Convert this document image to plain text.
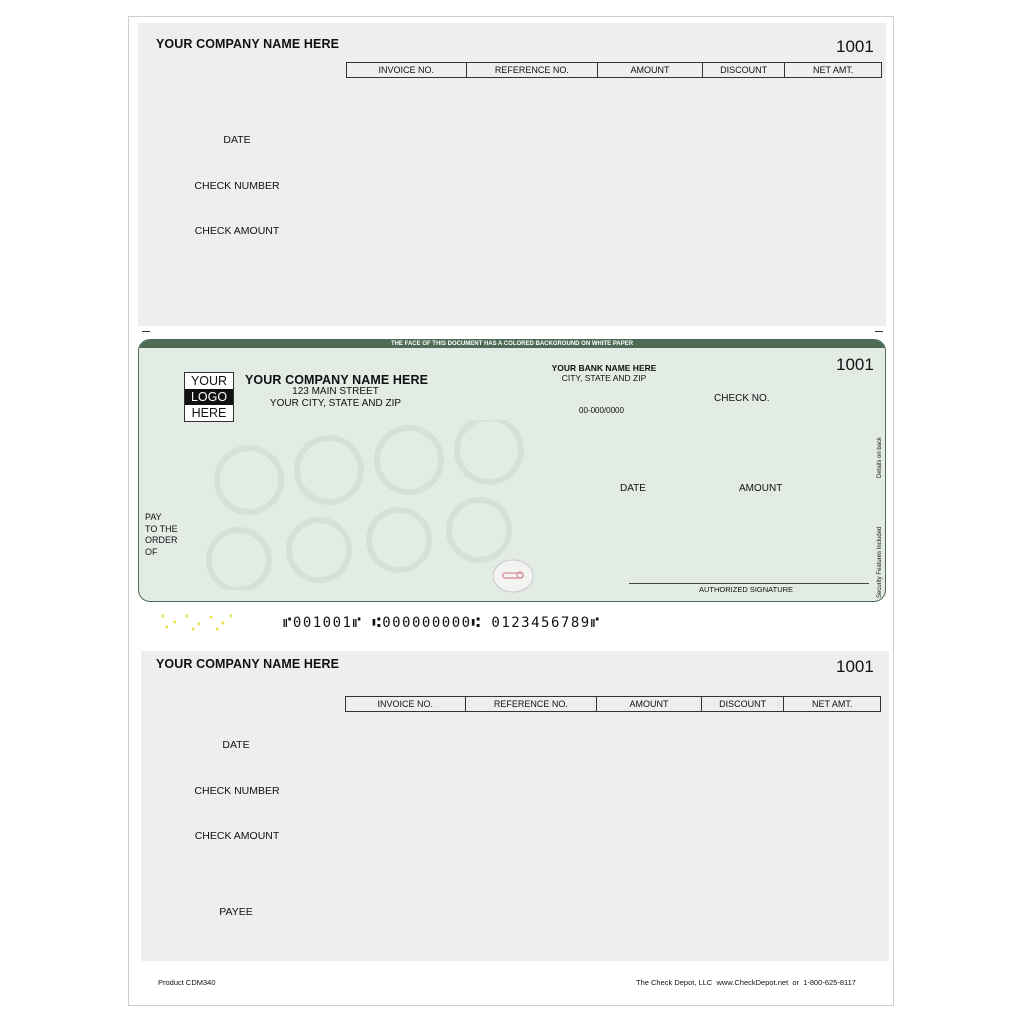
YOUR COMPANY NAME HERE	1001
INVOICE NO.	REFERENCE NO.	AMOUNT	DISCOUNT	NET AMT.
DATE
CHECK NUMBER
CHECK AMOUNT
THE FACE OF THIS DOCUMENT HAS A COLORED BACKGROUND ON WHITE PAPER
YOUR
LOGO
HERE
YOUR COMPANY NAME HERE
123 MAIN STREET
YOUR CITY, STATE AND ZIP
YOUR BANK NAME HERE
CITY, STATE AND ZIP
00-000/0000
1001
CHECK NO.
DATE	AMOUNT
PAY
TO THE
ORDER
OF
AUTHORIZED SIGNATURE	Security Features Included
Details on back
⑈001001⑈ ⑆000000000⑆ 0123456789⑈
YOUR COMPANY NAME HERE	1001
INVOICE NO.	REFERENCE NO.	AMOUNT	DISCOUNT	NET AMT.
DATE
CHECK NUMBER
CHECK AMOUNT
PAYEE
Product CDM340	The Check Depot, LLC  www.CheckDepot.net  or  1-800-625-8117
